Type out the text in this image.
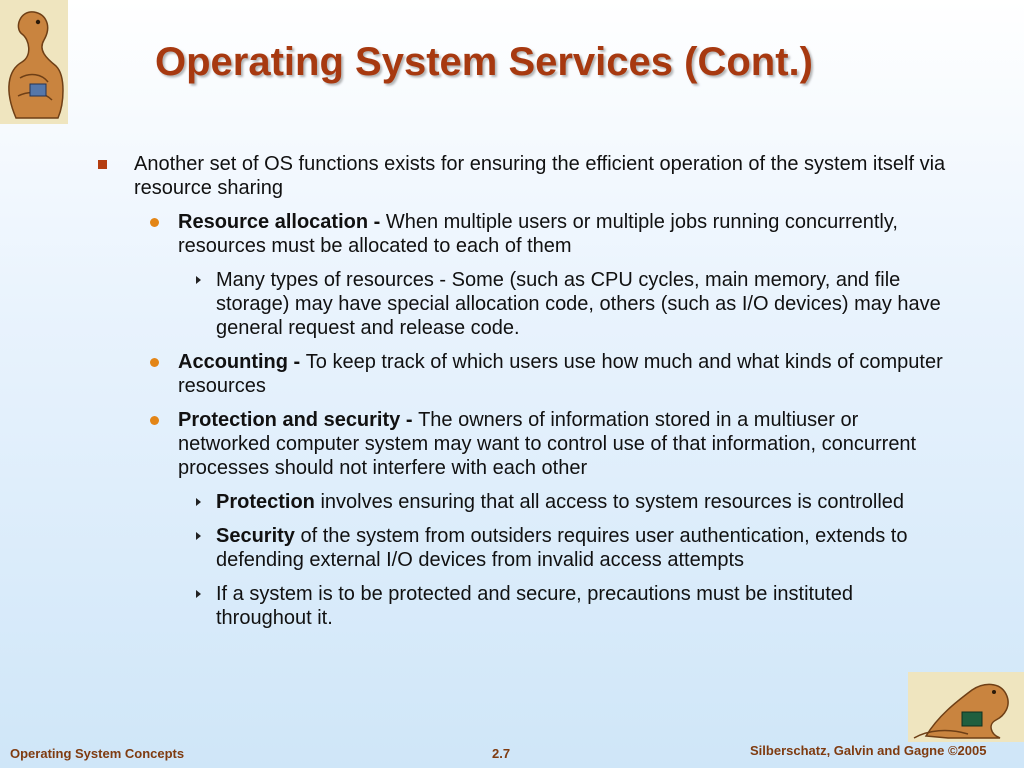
Operating System Services (Cont.)
Another set of OS functions exists for ensuring the efficient operation of the system itself via resource sharing
Resource allocation - When multiple users or multiple jobs running concurrently, resources must be allocated to each of them
Many types of resources - Some (such as CPU cycles, main memory, and file storage) may have special allocation code, others (such as I/O devices) may have general request and release code.
Accounting - To keep track of which users use how much and what kinds of computer resources
Protection and security - The owners of information stored in a multiuser or networked computer system may want to control use of that information, concurrent processes should not interfere with each other
Protection involves ensuring that all access to system resources is controlled
Security of the system from outsiders requires user authentication, extends to defending external I/O devices from invalid access attempts
If a system is to be protected and secure, precautions must be instituted throughout it.
Operating System Concepts	2.7	Silberschatz, Galvin and Gagne ©2005
